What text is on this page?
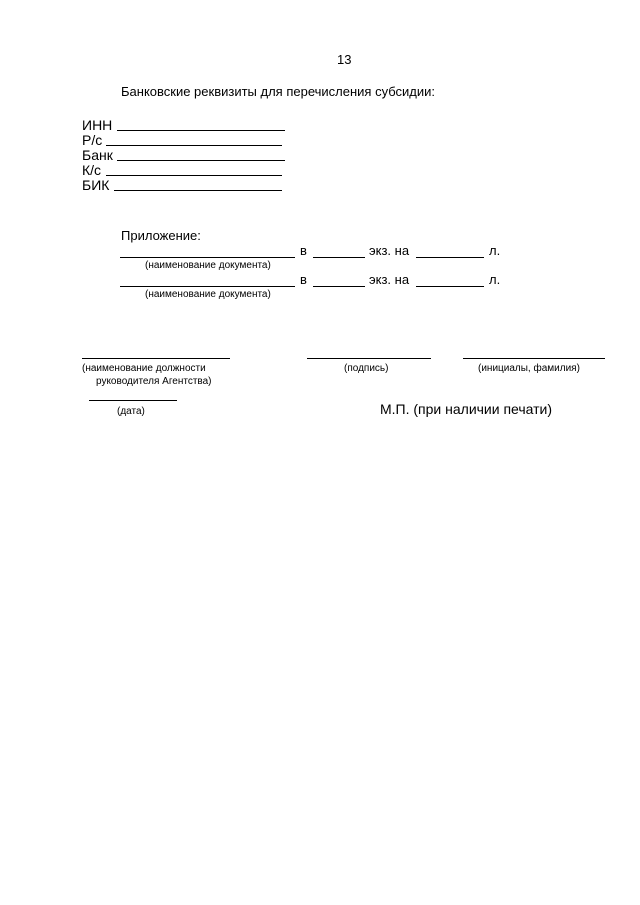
13
Банковские реквизиты для перечисления субсидии:
ИНН
Р/с
Банк
К/с
БИК
Приложение:
в	экз. на	л.
(наименование документа)
в	экз. на	л.
(наименование документа)
(наименование должности
руководителя Агентства)
(подпись)	(инициалы, фамилия)
(дата)	М.П. (при наличии печати)
